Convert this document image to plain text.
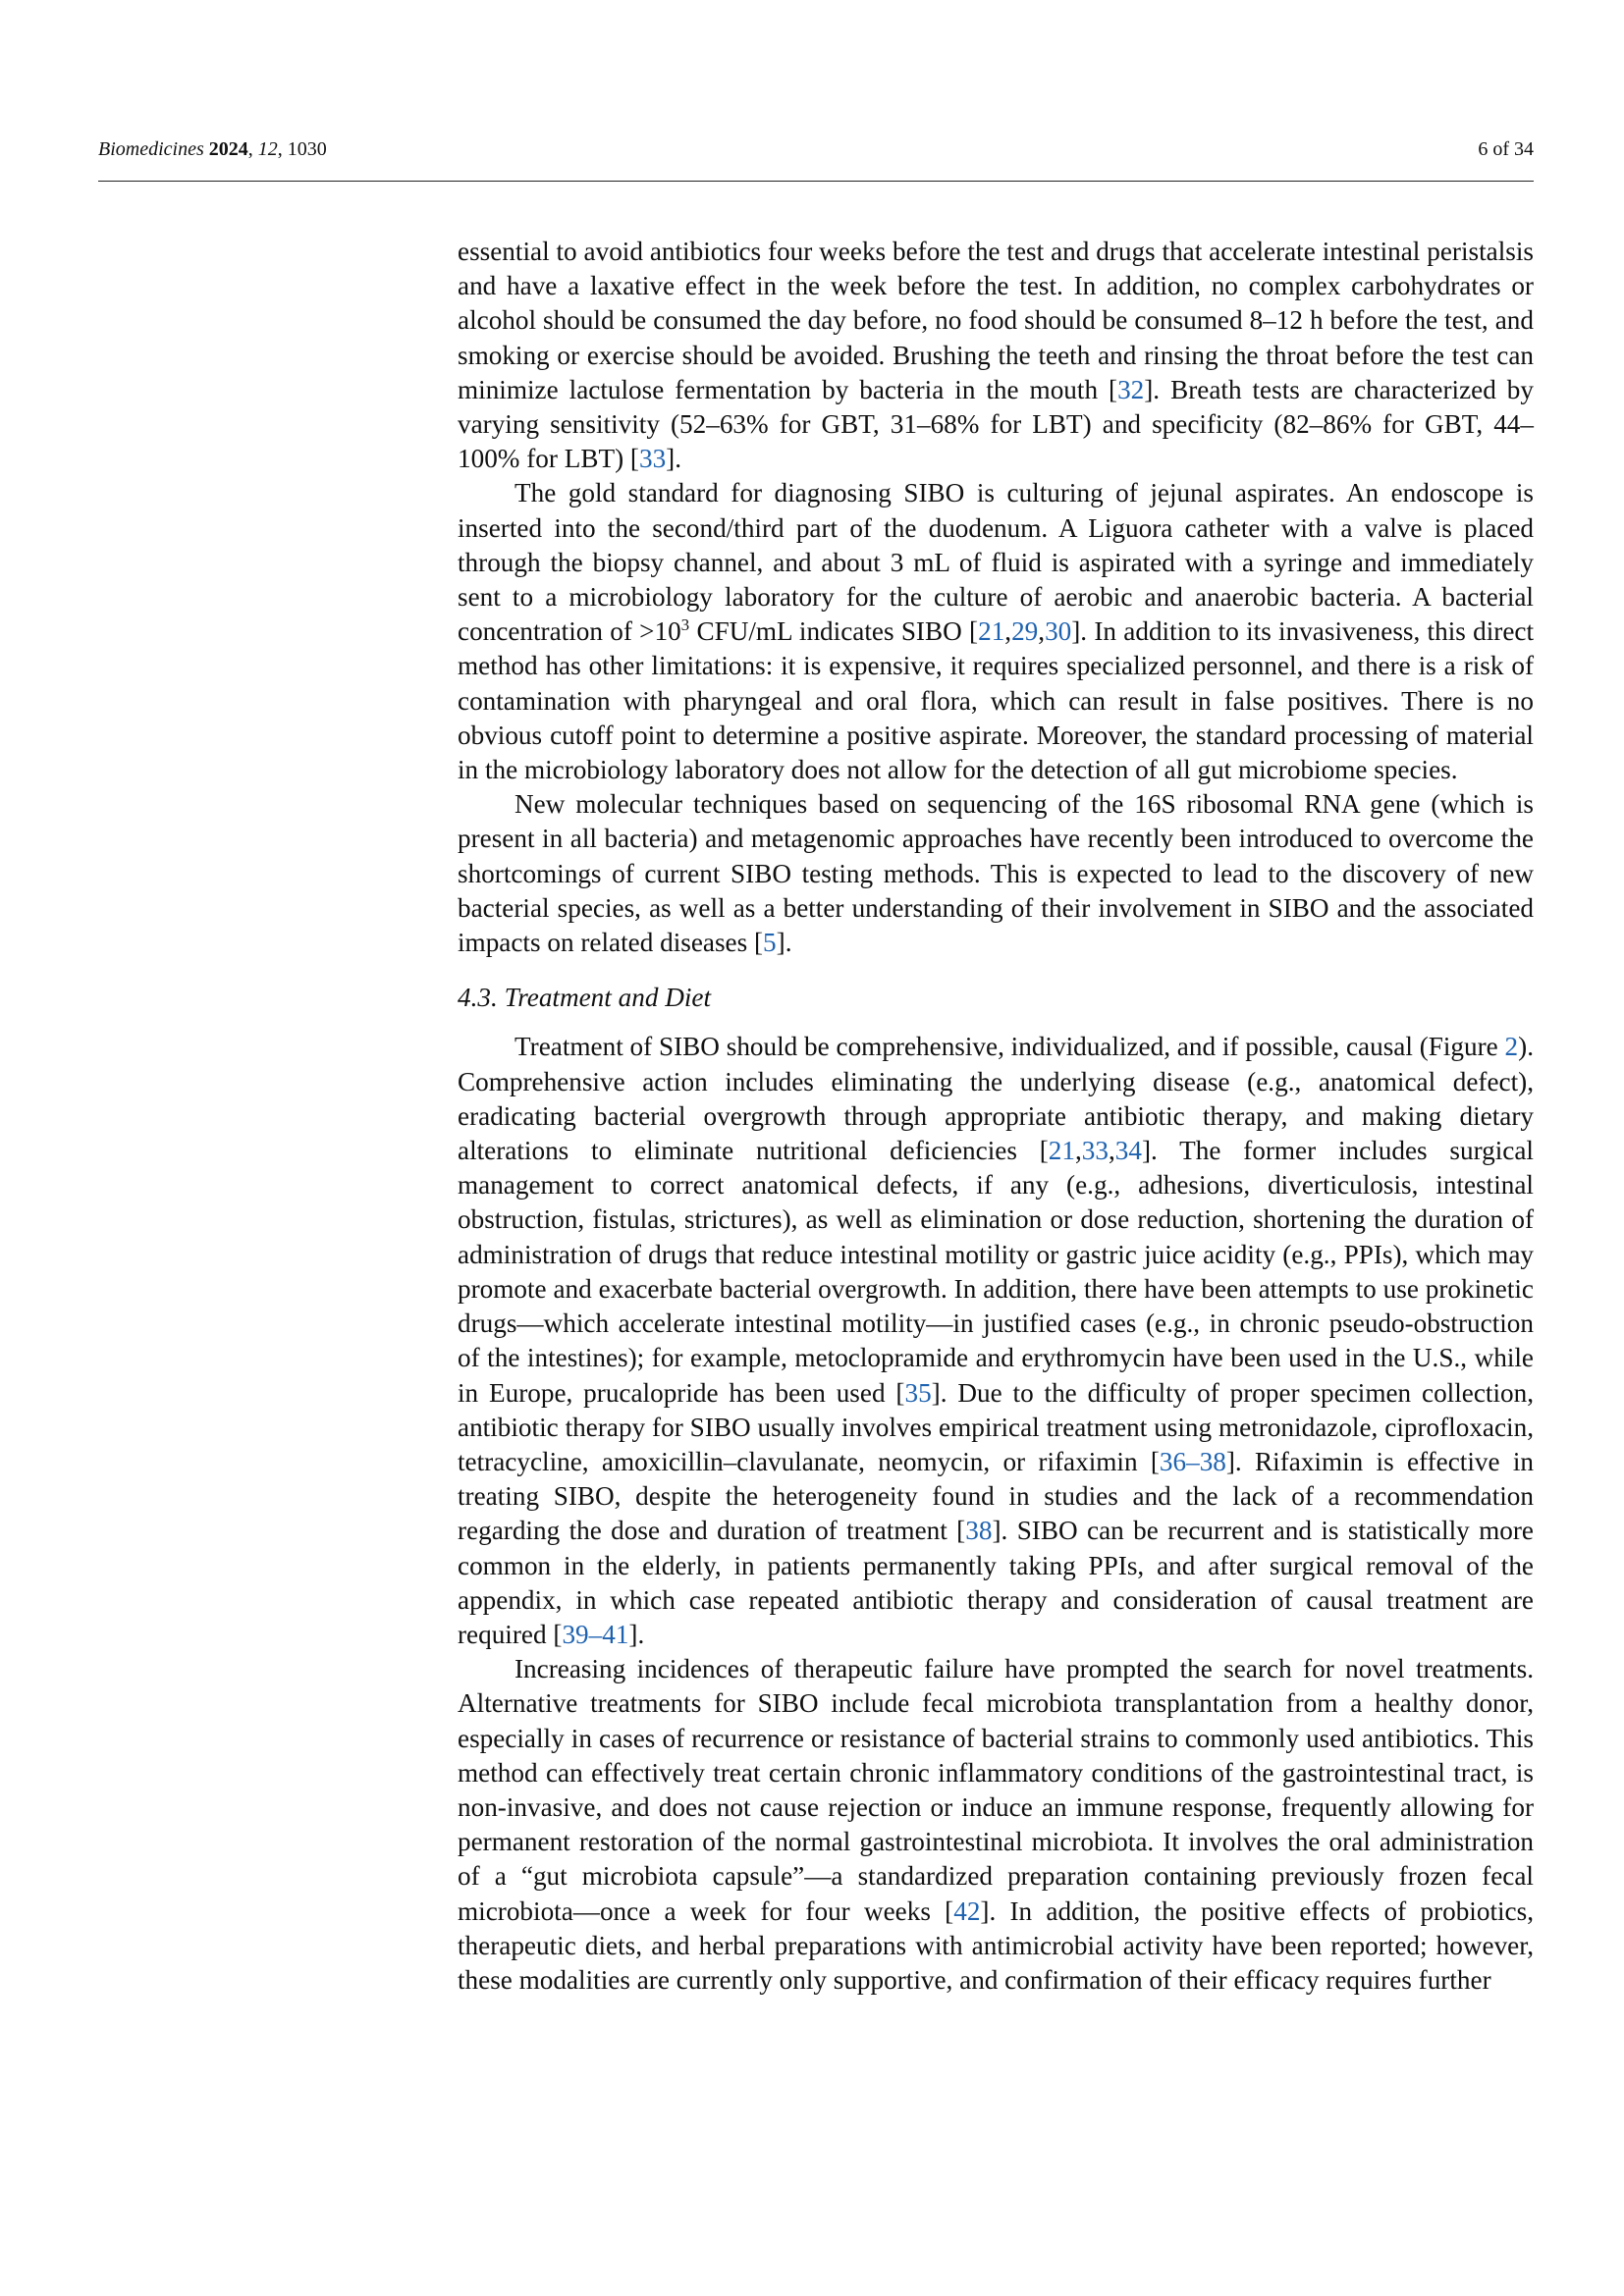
Biomedicines 2024, 12, 1030	6 of 34

essential to avoid antibiotics four weeks before the test and drugs that accelerate intestinal peristalsis and have a laxative effect in the week before the test. In addition, no complex carbohydrates or alcohol should be consumed the day before, no food should be consumed 8–12 h before the test, and smoking or exercise should be avoided. Brushing the teeth and rinsing the throat before the test can minimize lactulose fermentation by bacteria in the mouth [32]. Breath tests are characterized by varying sensitivity (52–63% for GBT, 31–68% for LBT) and specificity (82–86% for GBT, 44–100% for LBT) [33].

The gold standard for diagnosing SIBO is culturing of jejunal aspirates. An endoscope is inserted into the second/third part of the duodenum. A Liguora catheter with a valve is placed through the biopsy channel, and about 3 mL of fluid is aspirated with a syringe and immediately sent to a microbiology laboratory for the culture of aerobic and anaerobic bacteria. A bacterial concentration of $>10^3$ CFU/mL indicates SIBO [21,29,30]. In addition to its invasiveness, this direct method has other limitations: it is expensive, it requires specialized personnel, and there is a risk of contamination with pharyngeal and oral flora, which can result in false positives. There is no obvious cutoff point to determine a positive aspirate. Moreover, the standard processing of material in the microbiology laboratory does not allow for the detection of all gut microbiome species.

New molecular techniques based on sequencing of the 16S ribosomal RNA gene (which is present in all bacteria) and metagenomic approaches have recently been introduced to overcome the shortcomings of current SIBO testing methods. This is expected to lead to the discovery of new bacterial species, as well as a better understanding of their involvement in SIBO and the associated impacts on related diseases [5].

4.3. Treatment and Diet

Treatment of SIBO should be comprehensive, individualized, and if possible, causal (Figure 2). Comprehensive action includes eliminating the underlying disease (e.g., anatomical defect), eradicating bacterial overgrowth through appropriate antibiotic therapy, and making dietary alterations to eliminate nutritional deficiencies [21,33,34]. The former includes surgical management to correct anatomical defects, if any (e.g., adhesions, diverticulosis, intestinal obstruction, fistulas, strictures), as well as elimination or dose reduction, shortening the duration of administration of drugs that reduce intestinal motility or gastric juice acidity (e.g., PPIs), which may promote and exacerbate bacterial overgrowth. In addition, there have been attempts to use prokinetic drugs—which accelerate intestinal motility—in justified cases (e.g., in chronic pseudo-obstruction of the intestines); for example, metoclopramide and erythromycin have been used in the U.S., while in Europe, prucalopride has been used [35]. Due to the difficulty of proper specimen collection, antibiotic therapy for SIBO usually involves empirical treatment using metronidazole, ciprofloxacin, tetracycline, amoxicillin–clavulanate, neomycin, or rifaximin [36–38]. Rifaximin is effective in treating SIBO, despite the heterogeneity found in studies and the lack of a recommendation regarding the dose and duration of treatment [38]. SIBO can be recurrent and is statistically more common in the elderly, in patients permanently taking PPIs, and after surgical removal of the appendix, in which case repeated antibiotic therapy and consideration of causal treatment are required [39–41].

Increasing incidences of therapeutic failure have prompted the search for novel treatments. Alternative treatments for SIBO include fecal microbiota transplantation from a healthy donor, especially in cases of recurrence or resistance of bacterial strains to commonly used antibiotics. This method can effectively treat certain chronic inflammatory conditions of the gastrointestinal tract, is non-invasive, and does not cause rejection or induce an immune response, frequently allowing for permanent restoration of the normal gastrointestinal microbiota. It involves the oral administration of a “gut microbiota capsule”—a standardized preparation containing previously frozen fecal microbiota—once a week for four weeks [42]. In addition, the positive effects of probiotics, therapeutic diets, and herbal preparations with antimicrobial activity have been reported; however, these modalities are currently only supportive, and confirmation of their efficacy requires further
